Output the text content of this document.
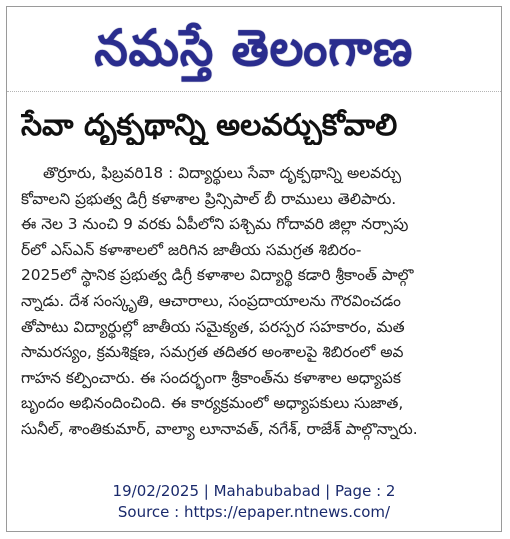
నమస్తే తెలంగాణ
సేవా దృక్పథాన్ని అలవర్చుకోవాలి
తొర్రూరు, ఫిబ్రవరి18 : విద్యార్థులు సేవా దృక్పథాన్ని అలవర్చు
కోవాలని ప్రభుత్వ డిగ్రీ కళాశాల ప్రిన్సిపాల్ బీ రాములు తెలిపారు.
ఈ నెల 3 నుంచి 9 వరకు ఏపీలోని పశ్చిమ గోదావరి జిల్లా నర్సాపు
ర్‌లో ఎస్‌ఎన్ కళాశాలలో జరిగిన జాతీయ సమగ్రత శిబిరం-
2025లో స్థానిక ప్రభుత్వ డిగ్రీ కళాశాల విద్యార్థి కడారి శ్రీకాంత్ పాల్గొ
న్నాడు. దేశ సంస్కృతి, ఆచారాలు, సంప్రదాయాలను గౌరవించడం
తోపాటు విద్యార్థుల్లో జాతీయ సమైక్యత, పరస్పర సహకారం, మత
సామరస్యం, క్రమశిక్షణ, సమగ్రత తదితర అంశాలపై శిబిరంలో అవ
గాహన కల్పించారు. ఈ సందర్భంగా శ్రీకాంత్‌ను కళాశాల అధ్యాపక
బృందం అభినందించింది. ఈ కార్యక్రమంలో అధ్యాపకులు సుజాత,
సునీల్, శాంతికుమార్, వాల్యా లూనావత్, నగేశ్, రాజేశ్ పాల్గొన్నారు.
19/02/2025 | Mahabubabad | Page : 2
Source : https://epaper.ntnews.com/
